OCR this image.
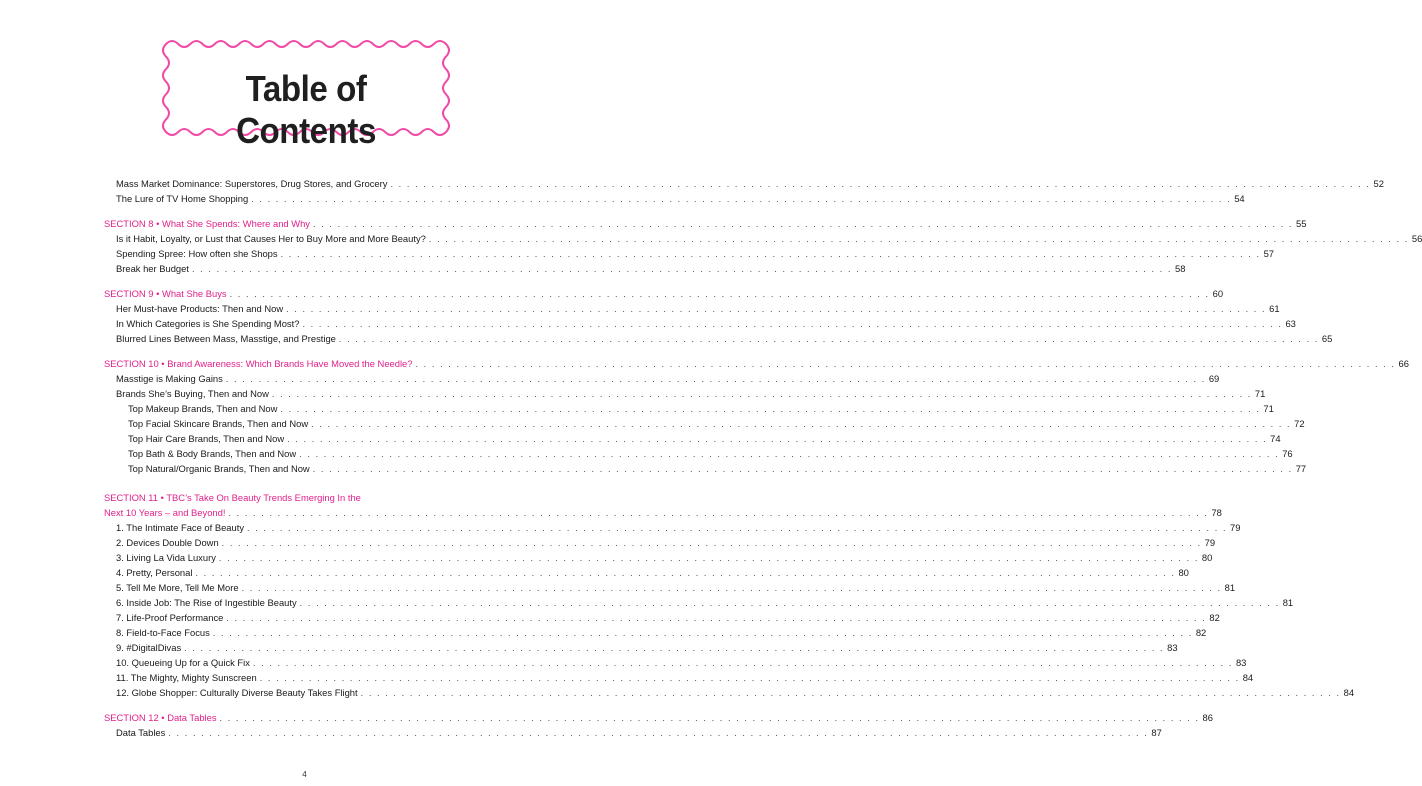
Table of Contents
Mass Market Dominance: Superstores, Drug Stores, and Grocery . . . . . . . . . . . . . . . . . . . . . . . . . . . . . . . . . . . . . . . . . . . . . . . . . . . . . . . . . . . . . . . . . . . . . . . . . . . . . . . . . . . . . . . . . . . . . . . . . . . . . . . . . . . . . . . . . . . . . . . . 52
The Lure of TV Home Shopping . . . . . . . . . . . . . . . . . . . . . . . . . . . . . . . . . . . . . . . . . . . . . . . . . . . . . . . . . . . . . . . . . . . . . . . . . . . . . . . . . . . . . . . . . . . . . . . . . . . . . . . . . . . . . . . . . . . . . . . . 54
SECTION 8 • What She Spends: Where and Why . . . . . . . . . . . . . . . . . . . . . . . . . . . . . . . . . . . . . . . . . . . . . . . . . . . . . . . . . . . . . . . . . . . . . . . . . . . . . . . . . . . . . . . . . . . . . . . . . . . . . . . . . . . . . . . . . . . . . . . . 55
Is it Habit, Loyalty, or Lust that Causes Her to Buy More and More Beauty? . . . . . . . . . . . . . . . . . . . . . . . . . . . . . . . . . . . . . . . . . . . . . . . . . . . . . . . . . . . . . . . . . . . . . . . . . . . . . . . . . . . . . . . . . . . . . . . . . . . . . . . . . . . . . . . . . . . . . . . . 56
Spending Spree: How often she Shops . . . . . . . . . . . . . . . . . . . . . . . . . . . . . . . . . . . . . . . . . . . . . . . . . . . . . . . . . . . . . . . . . . . . . . . . . . . . . . . . . . . . . . . . . . . . . . . . . . . . . . . . . . . . . . . . . . . . . . . . 57
Break her Budget . . . . . . . . . . . . . . . . . . . . . . . . . . . . . . . . . . . . . . . . . . . . . . . . . . . . . . . . . . . . . . . . . . . . . . . . . . . . . . . . . . . . . . . . . . . . . . . . . . . . . . . . . . . . . . . . . . . . . . . . 58
SECTION 9 • What She Buys . . . . . . . . . . . . . . . . . . . . . . . . . . . . . . . . . . . . . . . . . . . . . . . . . . . . . . . . . . . . . . . . . . . . . . . . . . . . . . . . . . . . . . . . . . . . . . . . . . . . . . . . . . . . . . . . . . . . . . . . 60
Her Must-have Products: Then and Now . . . . . . . . . . . . . . . . . . . . . . . . . . . . . . . . . . . . . . . . . . . . . . . . . . . . . . . . . . . . . . . . . . . . . . . . . . . . . . . . . . . . . . . . . . . . . . . . . . . . . . . . . . . . . . . . . . . . . . . . 61
In Which Categories is She Spending Most? . . . . . . . . . . . . . . . . . . . . . . . . . . . . . . . . . . . . . . . . . . . . . . . . . . . . . . . . . . . . . . . . . . . . . . . . . . . . . . . . . . . . . . . . . . . . . . . . . . . . . . . . . . . . . . . . . . . . . . . . 63
Blurred Lines Between Mass, Masstige, and Prestige . . . . . . . . . . . . . . . . . . . . . . . . . . . . . . . . . . . . . . . . . . . . . . . . . . . . . . . . . . . . . . . . . . . . . . . . . . . . . . . . . . . . . . . . . . . . . . . . . . . . . . . . . . . . . . . . . . . . . . . . 65
SECTION 10 • Brand Awareness: Which Brands Have Moved the Needle? . . . . . . . . . . . . . . . . . . . . . . . . . . . . . . . . . . . . . . . . . . . . . . . . . . . . . . . . . . . . . . . . . . . . . . . . . . . . . . . . . . . . . . . . . . . . . . . . . . . . . . . . . . . . . . . . . . . . . . . . 66
Masstige is Making Gains . . . . . . . . . . . . . . . . . . . . . . . . . . . . . . . . . . . . . . . . . . . . . . . . . . . . . . . . . . . . . . . . . . . . . . . . . . . . . . . . . . . . . . . . . . . . . . . . . . . . . . . . . . . . . . . . . . . . . . . . 69
Brands She’s Buying, Then and Now . . . . . . . . . . . . . . . . . . . . . . . . . . . . . . . . . . . . . . . . . . . . . . . . . . . . . . . . . . . . . . . . . . . . . . . . . . . . . . . . . . . . . . . . . . . . . . . . . . . . . . . . . . . . . . . . . . . . . . . . 71
Top Makeup Brands, Then and Now . . . . . . . . . . . . . . . . . . . . . . . . . . . . . . . . . . . . . . . . . . . . . . . . . . . . . . . . . . . . . . . . . . . . . . . . . . . . . . . . . . . . . . . . . . . . . . . . . . . . . . . . . . . . . . . . . . . . . . . . 71
Top Facial Skincare Brands, Then and Now . . . . . . . . . . . . . . . . . . . . . . . . . . . . . . . . . . . . . . . . . . . . . . . . . . . . . . . . . . . . . . . . . . . . . . . . . . . . . . . . . . . . . . . . . . . . . . . . . . . . . . . . . . . . . . . . . . . . . . . . 72
Top Hair Care Brands, Then and Now . . . . . . . . . . . . . . . . . . . . . . . . . . . . . . . . . . . . . . . . . . . . . . . . . . . . . . . . . . . . . . . . . . . . . . . . . . . . . . . . . . . . . . . . . . . . . . . . . . . . . . . . . . . . . . . . . . . . . . . . 74
Top Bath & Body Brands, Then and Now . . . . . . . . . . . . . . . . . . . . . . . . . . . . . . . . . . . . . . . . . . . . . . . . . . . . . . . . . . . . . . . . . . . . . . . . . . . . . . . . . . . . . . . . . . . . . . . . . . . . . . . . . . . . . . . . . . . . . . . . 76
Top Natural/Organic Brands, Then and Now . . . . . . . . . . . . . . . . . . . . . . . . . . . . . . . . . . . . . . . . . . . . . . . . . . . . . . . . . . . . . . . . . . . . . . . . . . . . . . . . . . . . . . . . . . . . . . . . . . . . . . . . . . . . . . . . . . . . . . . . 77
SECTION 11 • TBC’s Take On Beauty Trends Emerging In the
Next 10 Years – and Beyond! . . . . . . . . . . . . . . . . . . . . . . . . . . . . . . . . . . . . . . . . . . . . . . . . . . . . . . . . . . . . . . . . . . . . . . . . . . . . . . . . . . . . . . . . . . . . . . . . . . . . . . . . . . . . . . . . . . . . . . . . 78
1. The Intimate Face of Beauty . . . . . . . . . . . . . . . . . . . . . . . . . . . . . . . . . . . . . . . . . . . . . . . . . . . . . . . . . . . . . . . . . . . . . . . . . . . . . . . . . . . . . . . . . . . . . . . . . . . . . . . . . . . . . . . . . . . . . . . . 79
2. Devices Double Down . . . . . . . . . . . . . . . . . . . . . . . . . . . . . . . . . . . . . . . . . . . . . . . . . . . . . . . . . . . . . . . . . . . . . . . . . . . . . . . . . . . . . . . . . . . . . . . . . . . . . . . . . . . . . . . . . . . . . . . . 79
3. Living La Vida Luxury . . . . . . . . . . . . . . . . . . . . . . . . . . . . . . . . . . . . . . . . . . . . . . . . . . . . . . . . . . . . . . . . . . . . . . . . . . . . . . . . . . . . . . . . . . . . . . . . . . . . . . . . . . . . . . . . . . . . . . . . 80
4. Pretty, Personal . . . . . . . . . . . . . . . . . . . . . . . . . . . . . . . . . . . . . . . . . . . . . . . . . . . . . . . . . . . . . . . . . . . . . . . . . . . . . . . . . . . . . . . . . . . . . . . . . . . . . . . . . . . . . . . . . . . . . . . . 80
5. Tell Me More, Tell Me More . . . . . . . . . . . . . . . . . . . . . . . . . . . . . . . . . . . . . . . . . . . . . . . . . . . . . . . . . . . . . . . . . . . . . . . . . . . . . . . . . . . . . . . . . . . . . . . . . . . . . . . . . . . . . . . . . . . . . . . . 81
6. Inside Job: The Rise of Ingestible Beauty . . . . . . . . . . . . . . . . . . . . . . . . . . . . . . . . . . . . . . . . . . . . . . . . . . . . . . . . . . . . . . . . . . . . . . . . . . . . . . . . . . . . . . . . . . . . . . . . . . . . . . . . . . . . . . . . . . . . . . . . 81
7. Life-Proof Performance . . . . . . . . . . . . . . . . . . . . . . . . . . . . . . . . . . . . . . . . . . . . . . . . . . . . . . . . . . . . . . . . . . . . . . . . . . . . . . . . . . . . . . . . . . . . . . . . . . . . . . . . . . . . . . . . . . . . . . . . 82
8. Field-to-Face Focus . . . . . . . . . . . . . . . . . . . . . . . . . . . . . . . . . . . . . . . . . . . . . . . . . . . . . . . . . . . . . . . . . . . . . . . . . . . . . . . . . . . . . . . . . . . . . . . . . . . . . . . . . . . . . . . . . . . . . . . . 82
9. #DigitalDivas . . . . . . . . . . . . . . . . . . . . . . . . . . . . . . . . . . . . . . . . . . . . . . . . . . . . . . . . . . . . . . . . . . . . . . . . . . . . . . . . . . . . . . . . . . . . . . . . . . . . . . . . . . . . . . . . . . . . . . . . 83
10. Queueing Up for a Quick Fix . . . . . . . . . . . . . . . . . . . . . . . . . . . . . . . . . . . . . . . . . . . . . . . . . . . . . . . . . . . . . . . . . . . . . . . . . . . . . . . . . . . . . . . . . . . . . . . . . . . . . . . . . . . . . . . . . . . . . . . . 83
11. The Mighty, Mighty Sunscreen . . . . . . . . . . . . . . . . . . . . . . . . . . . . . . . . . . . . . . . . . . . . . . . . . . . . . . . . . . . . . . . . . . . . . . . . . . . . . . . . . . . . . . . . . . . . . . . . . . . . . . . . . . . . . . . . . . . . . . . . 84
12. Globe Shopper: Culturally Diverse Beauty Takes Flight . . . . . . . . . . . . . . . . . . . . . . . . . . . . . . . . . . . . . . . . . . . . . . . . . . . . . . . . . . . . . . . . . . . . . . . . . . . . . . . . . . . . . . . . . . . . . . . . . . . . . . . . . . . . . . . . . . . . . . . . 84
SECTION 12 • Data Tables . . . . . . . . . . . . . . . . . . . . . . . . . . . . . . . . . . . . . . . . . . . . . . . . . . . . . . . . . . . . . . . . . . . . . . . . . . . . . . . . . . . . . . . . . . . . . . . . . . . . . . . . . . . . . . . . . . . . . . . . 86
Data Tables . . . . . . . . . . . . . . . . . . . . . . . . . . . . . . . . . . . . . . . . . . . . . . . . . . . . . . . . . . . . . . . . . . . . . . . . . . . . . . . . . . . . . . . . . . . . . . . . . . . . . . . . . . . . . . . . . . . . . . . . 87
4
